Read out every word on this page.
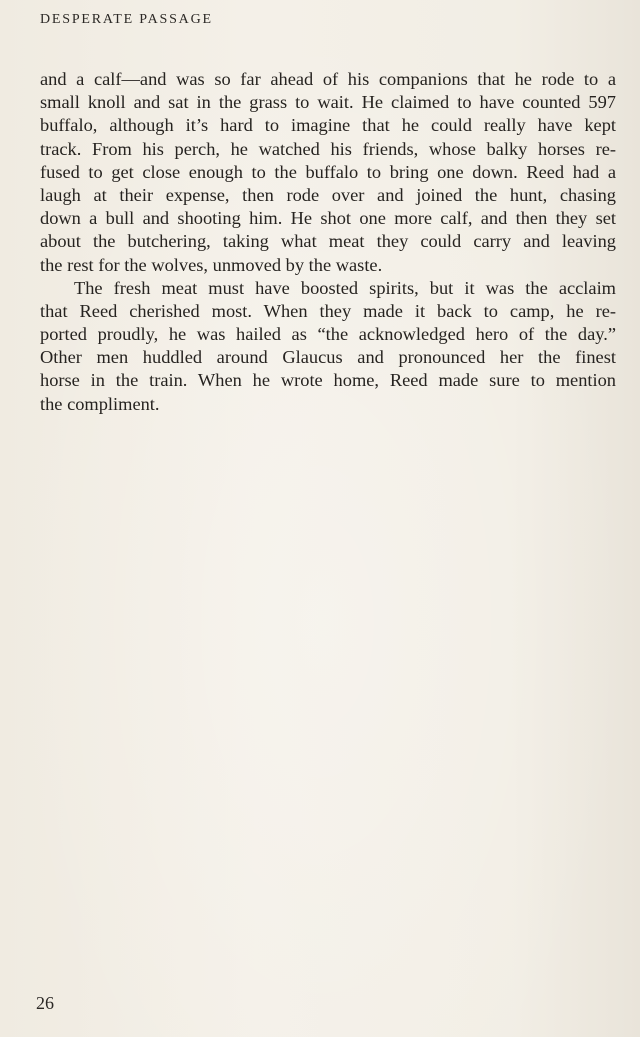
DESPERATE PASSAGE
and a calf—and was so far ahead of his companions that he rode to a
small knoll and sat in the grass to wait. He claimed to have counted 597
buffalo, although it’s hard to imagine that he could really have kept
track. From his perch, he watched his friends, whose balky horses re-
fused to get close enough to the buffalo to bring one down. Reed had a
laugh at their expense, then rode over and joined the hunt, chasing
down a bull and shooting him. He shot one more calf, and then they set
about the butchering, taking what meat they could carry and leaving
the rest for the wolves, unmoved by the waste.
The fresh meat must have boosted spirits, but it was the acclaim
that Reed cherished most. When they made it back to camp, he re-
ported proudly, he was hailed as “the acknowledged hero of the day.”
Other men huddled around Glaucus and pronounced her the finest
horse in the train. When he wrote home, Reed made sure to mention
the compliment.
26
